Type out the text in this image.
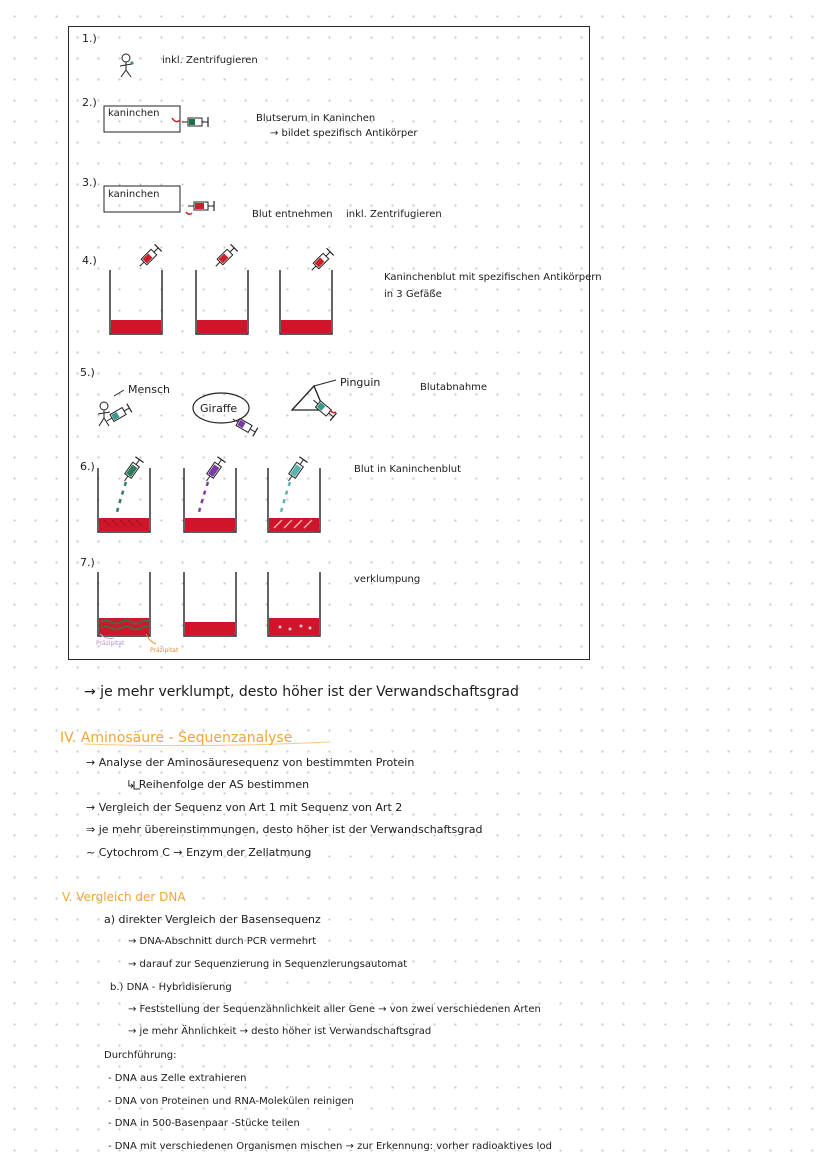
1.)
inkl. Zentrifugieren
2.)
kaninchen	Blutserum in Kaninchen
→ bildet spezifisch Antikörper
3.)
kaninchen
Blut entnehmen inkl. Zentrifugieren
4.)
Kaninchenblut mit spezifischen Antikörpern
in 3 Gefäße
5.)
Mensch
Giraffe
Pinguin	Blutabnahme
6.)	Blut in Kaninchenblut
7.)
verklumpung
Präzipitat
Präzipitat
→ je mehr verklumpt, desto höher ist der Verwandschaftsgrad
IV. Aminosäure - Sequenzanalyse
→ Analyse der Aminosäuresequenz von bestimmten Protein
↳ Reihenfolge der AS bestimmen
→ Vergleich der Sequenz von Art 1 mit Sequenz von Art 2
⇒ je mehr übereinstimmungen, desto höher ist der Verwandschaftsgrad
~ Cytochrom C → Enzym der Zellatmung
V. Vergleich der DNA
a) direkter Vergleich der Basensequenz
→ DNA-Abschnitt durch PCR vermehrt
→ darauf zur Sequenzierung in Sequenzierungsautomat
b.) DNA - Hybridisierung
→ Feststellung der Sequenzähnlichkeit aller Gene → von zwei verschiedenen Arten
→ je mehr Ähnlichkeit → desto höher ist Verwandschaftsgrad
Durchführung:
- DNA aus Zelle extrahieren
- DNA von Proteinen und RNA-Molekülen reinigen
- DNA in 500-Basenpaar -Stücke teilen
- DNA mit verschiedenen Organismen mischen → zur Erkennung: vorher radioaktives Iod
